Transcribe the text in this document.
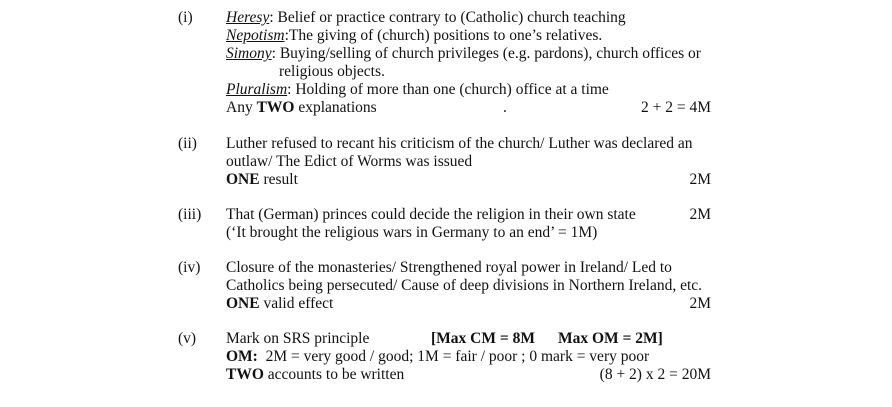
(i) Heresy: Belief or practice contrary to (Catholic) church teaching
Nepotism:The giving of (church) positions to one’s relatives.
Simony: Buying/selling of church privileges (e.g. pardons), church offices or
religious objects.
Pluralism: Holding of more than one (church) office at a time
Any TWO explanations	.	2 + 2 = 4M
(ii) Luther refused to recant his criticism of the church/ Luther was declared an
outlaw/ The Edict of Worms was issued
ONE result	2M
(iii) That (German) princes could decide the religion in their own state	2M
(‘It brought the religious wars in Germany to an end’ = 1M)
(iv) Closure of the monasteries/ Strengthened royal power in Ireland/ Led to
Catholics being persecuted/ Cause of deep divisions in Northern Ireland, etc.
ONE valid effect	2M
(v) Mark on SRS principle	[Max CM = 8M Max OM = 2M]
OM:  2M = very good / good; 1M = fair / poor ; 0 mark = very poor
TWO accounts to be written	(8 + 2) x 2 = 20M
